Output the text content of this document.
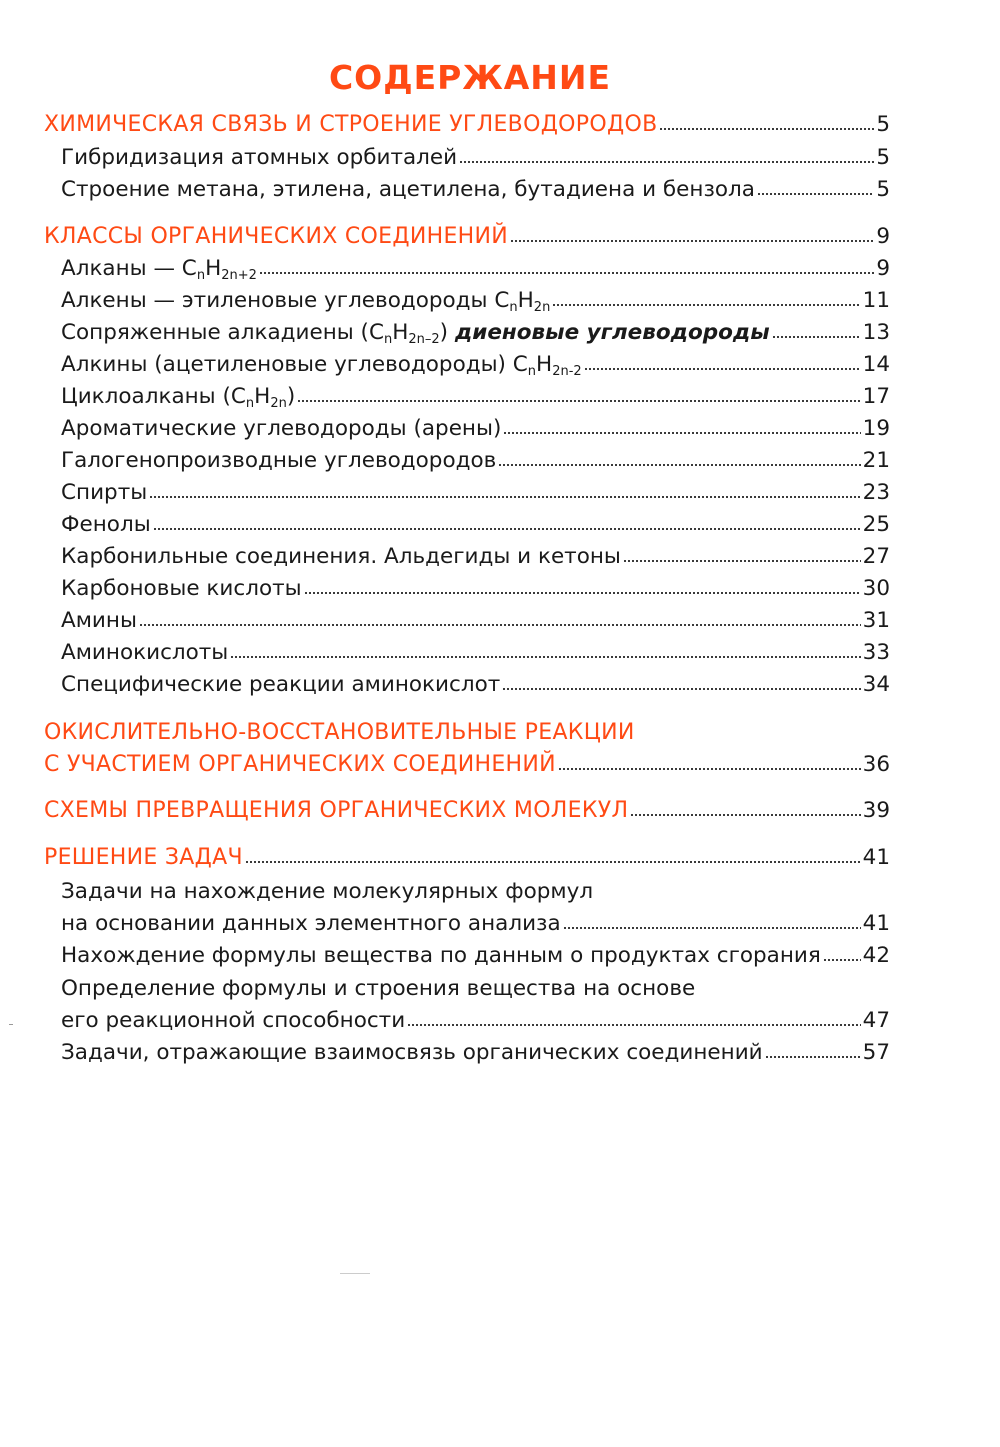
СОДЕРЖАНИЕ
ХИМИЧЕСКАЯ СВЯЗЬ И СТРОЕНИЕ УГЛЕВОДОРОДОВ	5
Гибридизация атомных орбиталей	5
Строение метана, этилена, ацетилена, бутадиена и бензола	5
КЛАССЫ ОРГАНИЧЕСКИХ СОЕДИНЕНИЙ	9
Алканы — $C_nH_{2n+2}$	9
Алкены — этиленовые углеводороды $C_nH_{2n}$	11
Сопряженные алкадиены $(C_nH_{2n-2})$ диеновые углеводороды	13
Алкины (ацетиленовые углеводороды) $C_nH_{2n-2}$	14
Циклоалканы $(C_nH_{2n})$	17
Ароматические углеводороды (арены)	19
Галогенопроизводные углеводородов	21
Спирты	23
Фенолы	25
Карбонильные соединения. Альдегиды и кетоны	27
Карбоновые кислоты	30
Амины	31
Аминокислоты	33
Специфические реакции аминокислот	34
ОКИСЛИТЕЛЬНО-ВОССТАНОВИТЕЛЬНЫЕ РЕАКЦИИ
С УЧАСТИЕМ ОРГАНИЧЕСКИХ СОЕДИНЕНИЙ	36
СХЕМЫ ПРЕВРАЩЕНИЯ ОРГАНИЧЕСКИХ МОЛЕКУЛ	39
РЕШЕНИЕ ЗАДАЧ	41
Задачи на нахождение молекулярных формул
на основании данных элементного анализа	41
Нахождение формулы вещества по данным о продуктах сгорания 42
Определение формулы и строения вещества на основе
его реакционной способности	47
Задачи, отражающие взаимосвязь органических соединений	57
